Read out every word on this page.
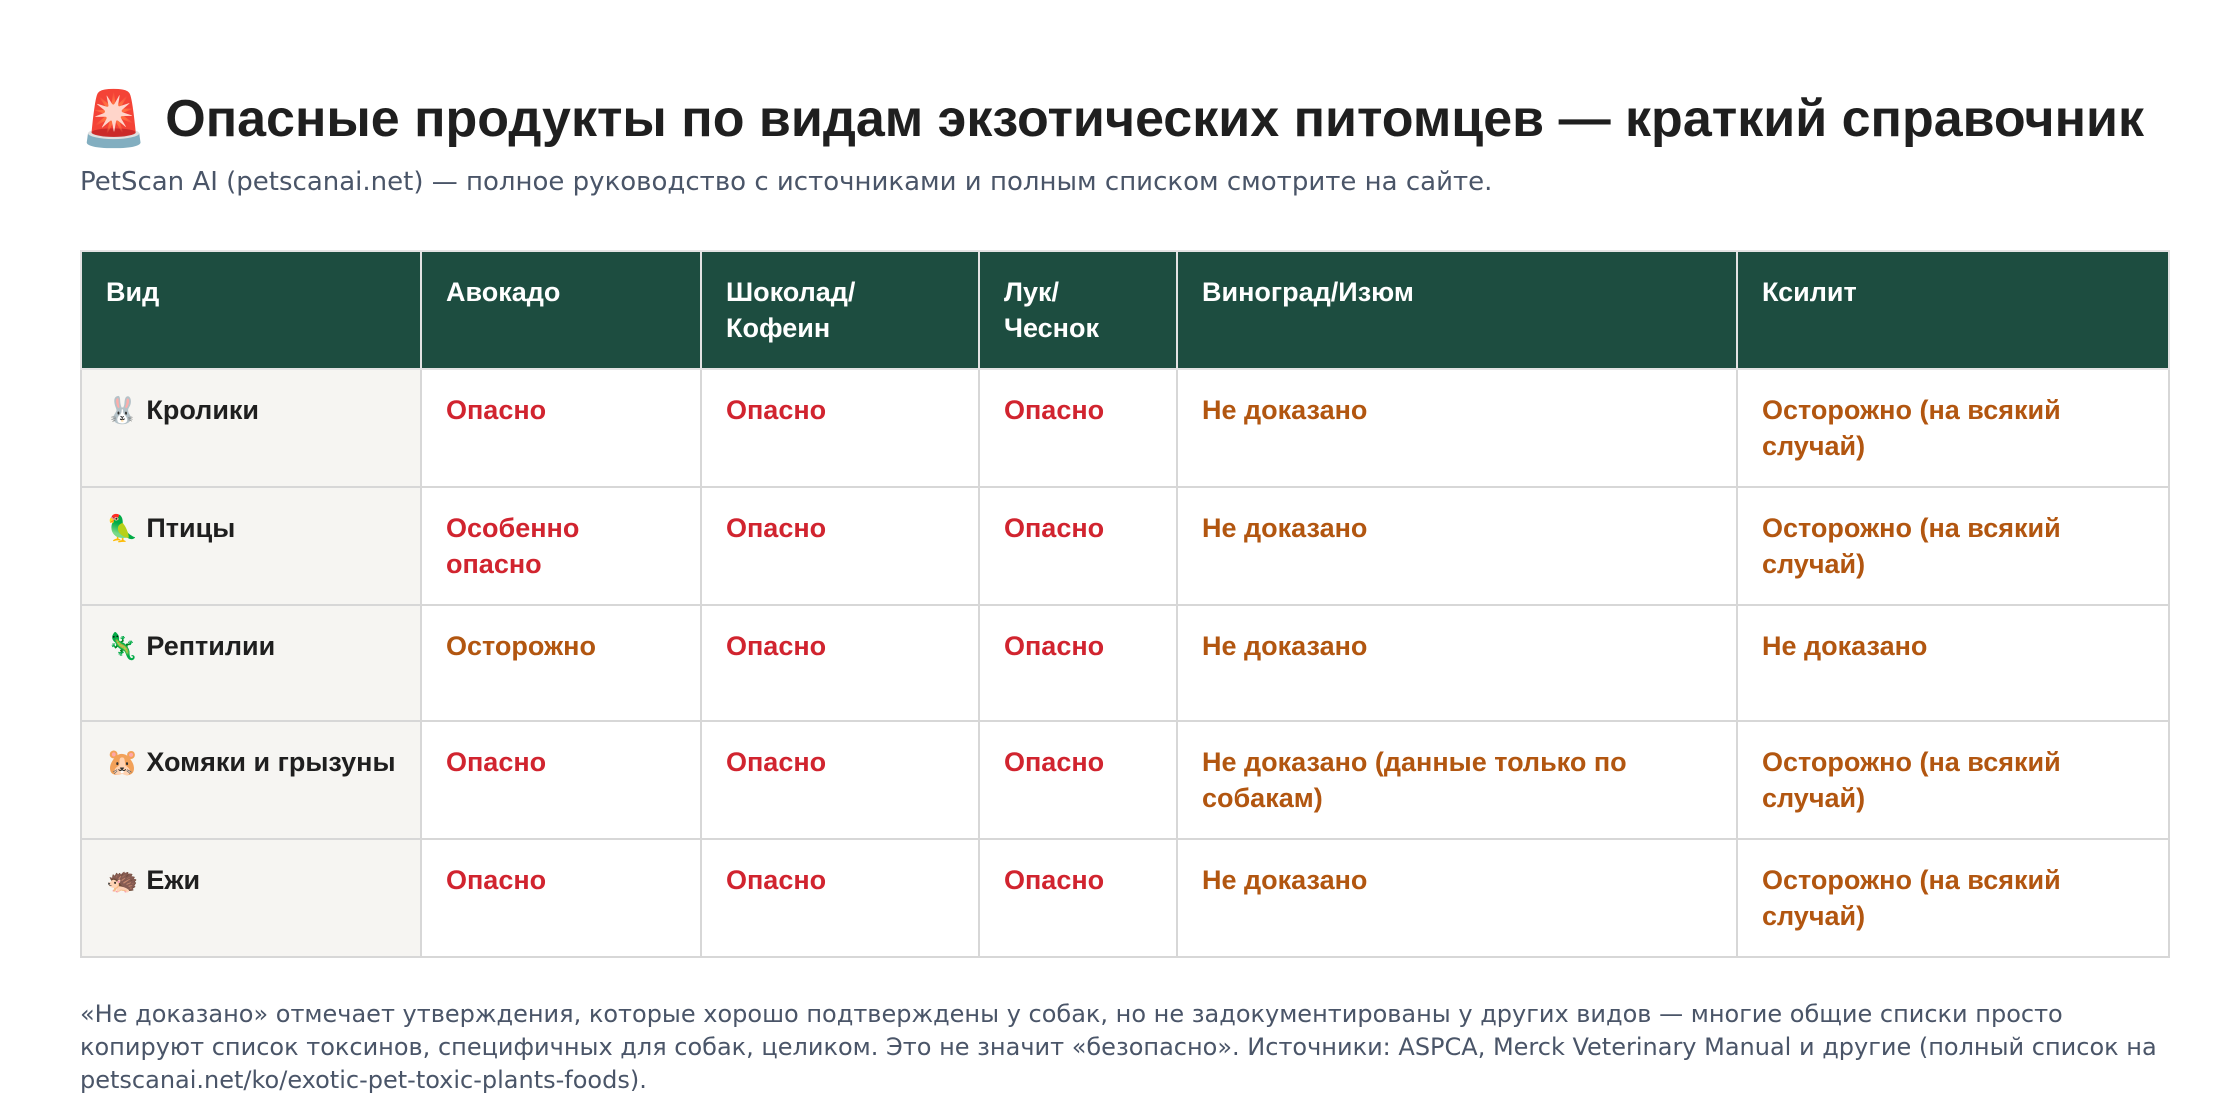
🚨 Опасные продукты по видам экзотических питомцев — краткий справочник
PetScan AI (petscanai.net) — полное руководство с источниками и полным списком смотрите на сайте.
Вид	Авокадо	Шоколад/ Кофеин	Лук/ Чеснок	Виноград/Изюм	Ксилит
🐰 Кролики	Опасно	Опасно	Опасно	Не доказано	Осторожно (на всякий случай)
🦜 Птицы	Особенно опасно	Опасно	Опасно	Не доказано	Осторожно (на всякий случай)
🦎 Рептилии	Осторожно	Опасно	Опасно	Не доказано	Не доказано
🐹 Хомяки и грызуны	Опасно	Опасно	Опасно	Не доказано (данные только по собакам)	Осторожно (на всякий случай)
🦔 Ежи	Опасно	Опасно	Опасно	Не доказано	Осторожно (на всякий случай)
«Не доказано» отмечает утверждения, которые хорошо подтверждены у собак, но не задокументированы у других видов — многие общие списки просто копируют список токсинов, специфичных для собак, целиком. Это не значит «безопасно». Источники: ASPCA, Merck Veterinary Manual и другие (полный список на petscanai.net/ko/exotic-pet-toxic-plants-foods).
